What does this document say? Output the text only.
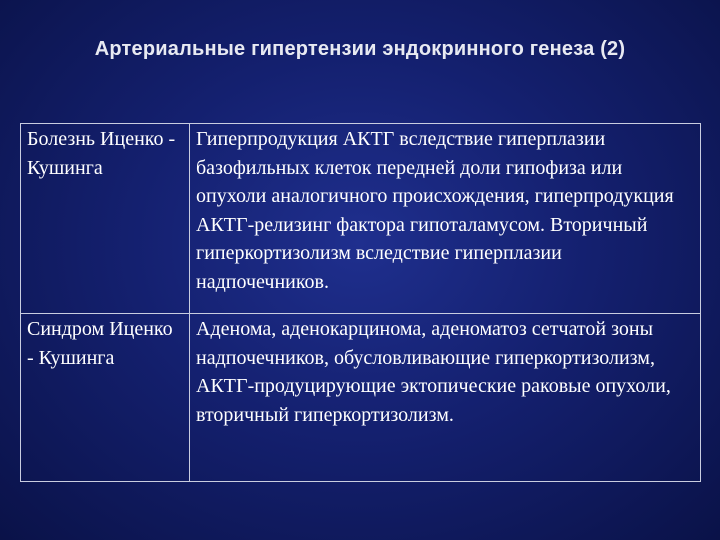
Артериальные гипертензии эндокринного генеза (2)
Болезнь Иценко - Кушинга	Гиперпродукция АКТГ вследствие гиперплазии базофильных клеток передней доли гипофиза или опухоли аналогичного происхождения, гиперпродукция АКТГ-релизинг фактора гипоталамусом. Вторичный гиперкортизолизм вследствие гиперплазии надпочечников.
Синдром Иценко - Кушинга	Аденома, аденокарцинома, аденоматоз сетчатой зоны надпочечников, обусловливающие гиперкортизолизм, АКТГ-продуцирующие эктопические раковые опухоли, вторичный гиперкортизолизм.
